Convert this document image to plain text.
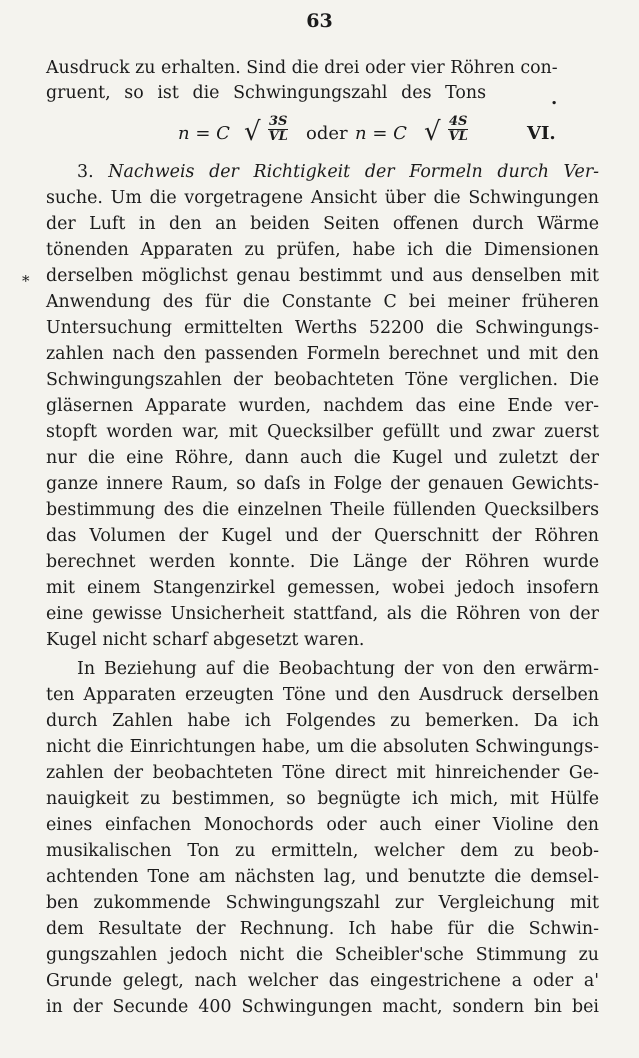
63
Ausdruck zu erhalten. Sind die drei oder vier Röhren con-
gruent, so ist die Schwingungszahl des Tons	.
n = C √ $\frac{3S}{VL}$ oder n = C √ $\frac{4S}{VL}$	VI.
3. Nachweis der Richtigkeit der Formeln durch Ver-
suche. Um die vorgetragene Ansicht über die Schwingungen
der Luft in den an beiden Seiten offenen durch Wärme
tönenden Apparaten zu prüfen, habe ich die Dimensionen
* derselben möglichst genau bestimmt und aus denselben mit
Anwendung des für die Constante C bei meiner früheren
Untersuchung ermittelten Werths 52200 die Schwingungs-
zahlen nach den passenden Formeln berechnet und mit den
Schwingungszahlen der beobachteten Töne verglichen. Die
gläsernen Apparate wurden, nachdem das eine Ende ver-
stopft worden war, mit Quecksilber gefüllt und zwar zuerst
nur die eine Röhre, dann auch die Kugel und zuletzt der
ganze innere Raum, so daſs in Folge der genauen Gewichts-
bestimmung des die einzelnen Theile füllenden Quecksilbers
das Volumen der Kugel und der Querschnitt der Röhren
berechnet werden konnte. Die Länge der Röhren wurde
mit einem Stangenzirkel gemessen, wobei jedoch insofern
eine gewisse Unsicherheit stattfand, als die Röhren von der
Kugel nicht scharf abgesetzt waren.
In Beziehung auf die Beobachtung der von den erwärm-
ten Apparaten erzeugten Töne und den Ausdruck derselben
durch Zahlen habe ich Folgendes zu bemerken. Da ich
nicht die Einrichtungen habe, um die absoluten Schwingungs-
zahlen der beobachteten Töne direct mit hinreichender Ge-
nauigkeit zu bestimmen, so begnügte ich mich, mit Hülfe
eines einfachen Monochords oder auch einer Violine den
musikalischen Ton zu ermitteln, welcher dem zu beob-
achtenden Tone am nächsten lag, und benutzte die demsel-
ben zukommende Schwingungszahl zur Vergleichung mit
dem Resultate der Rechnung. Ich habe für die Schwin-
gungszahlen jedoch nicht die Scheibler'sche Stimmung zu
Grunde gelegt, nach welcher das eingestrichene a oder a'
in der Secunde 400 Schwingungen macht, sondern bin bei
